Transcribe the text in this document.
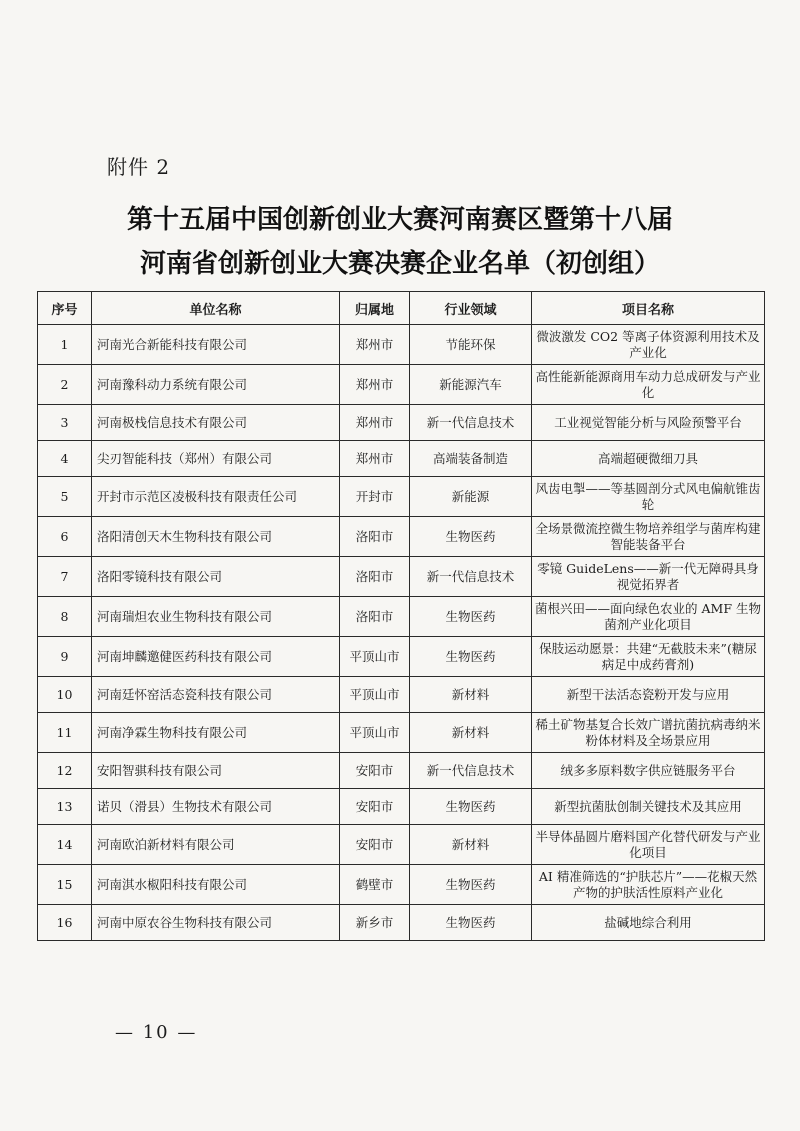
附件 2
第十五届中国创新创业大赛河南赛区暨第十八届
河南省创新创业大赛决赛企业名单（初创组）
序号	单位名称	归属地	行业领域	项目名称
1	河南光合新能科技有限公司	郑州市	节能环保	微波激发 CO2 等离子体资源利用技术及产业化
2	河南豫科动力系统有限公司	郑州市	新能源汽车	高性能新能源商用车动力总成研发与产业化
3	河南极栈信息技术有限公司	郑州市	新一代信息技术	工业视觉智能分析与风险预警平台
4	尖刃智能科技（郑州）有限公司	郑州市	高端装备制造	高端超硬微细刀具
5	开封市示范区凌极科技有限责任公司	开封市	新能源	风齿电掣——等基圆剖分式风电偏航锥齿轮
6	洛阳清创天木生物科技有限公司	洛阳市	生物医药	全场景微流控微生物培养组学与菌库构建智能装备平台
7	洛阳零镜科技有限公司	洛阳市	新一代信息技术	零镜 GuideLens——新一代无障碍具身视觉拓界者
8	河南瑞炟农业生物科技有限公司	洛阳市	生物医药	菌根兴田——面向绿色农业的 AMF 生物菌剂产业化项目
9	河南坤麟邀健医药科技有限公司	平顶山市	生物医药	保肢运动愿景：共建“无截肢未来”(糖尿病足中成药膏剂)
10	河南廷怀窑活态瓷科技有限公司	平顶山市	新材料	新型干法活态瓷粉开发与应用
11	河南净霖生物科技有限公司	平顶山市	新材料	稀土矿物基复合长效广谱抗菌抗病毒纳米粉体材料及全场景应用
12	安阳智骐科技有限公司	安阳市	新一代信息技术	绒多多原料数字供应链服务平台
13	诺贝（滑县）生物技术有限公司	安阳市	生物医药	新型抗菌肽创制关键技术及其应用
14	河南欧泊新材料有限公司	安阳市	新材料	半导体晶圆片磨料国产化替代研发与产业化项目
15	河南淇水椒阳科技有限公司	鹤壁市	生物医药	AI 精准筛选的“护肤芯片”——花椒天然产物的护肤活性原料产业化
16	河南中原农谷生物科技有限公司	新乡市	生物医药	盐碱地综合利用
— 10 —
